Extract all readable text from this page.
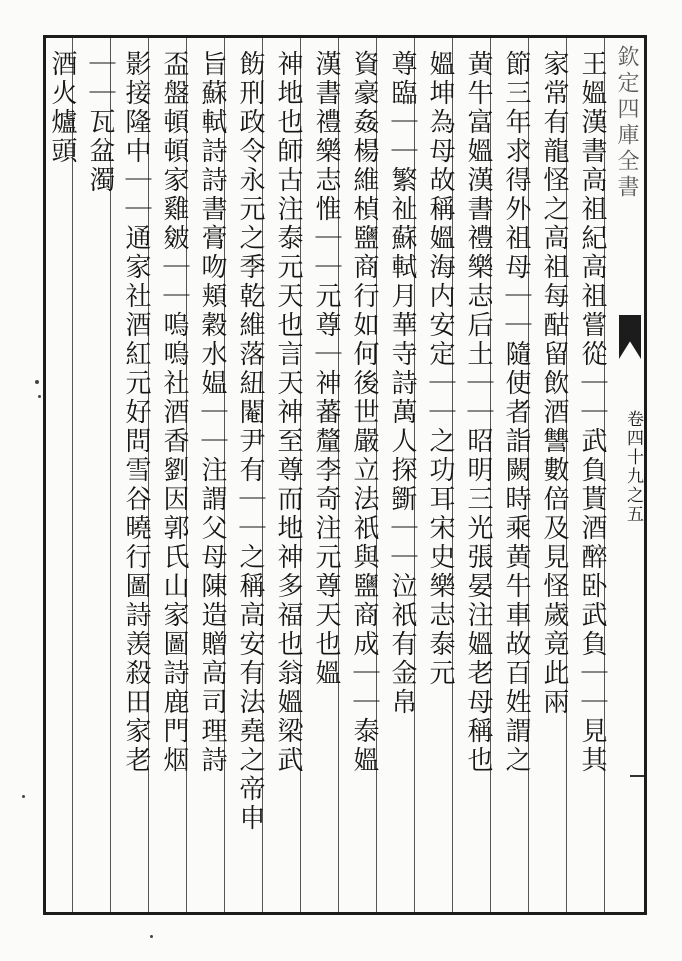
欽定四庫全書
卷四十九之五
王媼漢書高祖紀高祖嘗從｜｜武負貰酒醉卧武負｜｜見其
家常有龍怪之高祖每酤留飲酒讐數倍及見怪歲竟此兩
節三年求得外祖母｜｜隨使者詣闕時乘黄牛車故百姓謂之
黄牛富媼漢書禮樂志后土｜｜昭明三光張晏注媼老母稱也
媼坤為母故稱媼海内安定｜｜之功耳宋史樂志泰元
尊臨｜｜繁祉蘇軾月華寺詩萬人探斵｜｜泣祇有金帛
資豪姦楊維楨鹽商行如何後世嚴立法祇與鹽商成｜｜泰媼
漢書禮樂志惟｜｜元尊｜神蕃釐李奇注元尊天也媼
神地也師古注泰元天也言天神至尊而地神多福也翁媼梁武
飭刑政令永元之季乾維落紐閹尹有｜｜之稱高安有法堯之帝申
旨蘇軾詩詩書膏吻頬穀水媪｜｜注謂父母陳造贈高司理詩
盃盤頓頓家雞皴｜｜嗚嗚社酒香劉因郭氏山家圖詩鹿門烟
影接隆中｜｜通家社酒紅元好問雪谷曉行圖詩羡殺田家老
｜｜瓦盆濁
酒火爐頭
